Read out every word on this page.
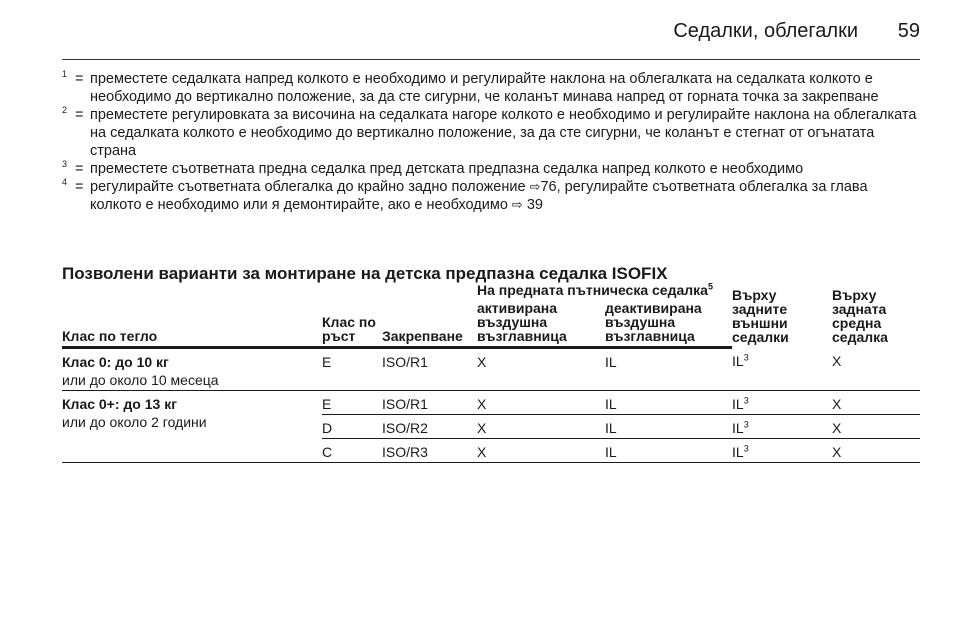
Седалки, облегалки 59
1 = преместете седалката напред колкото е необходимо и регулирайте наклона на облегалката на седалката колкото е необходимо до вертикално положение, за да сте сигурни, че коланът минава напред от горната точка за закрепване
2 = преместете регулировката за височина на седалката нагоре колкото е необходимо и регулирайте наклона на облегалката на седалката колкото е необходимо до вертикално положение, за да сте сигурни, че коланът е стегнат от огънатата страна
3 = преместете съответната предна седалка пред детската предпазна седалка напред колкото е необходимо
4 = регулирайте съответната облегалка до крайно задно положение ⇨76, регулирайте съответната облегалка за глава колкото е необходимо или я демонтирайте, ако е необходимо ⇨ 39
Позволени варианти за монтиране на детска предпазна седалка ISOFIX
			На предната пътническа седалка$^5$		Върху задните външни седалки	Върху задната средна седалка
Клас по тегло	Клас по ръст	Закрепване	активирана въздушна възглавница	деактивирана въздушна възглавница		

Клас 0: до 10 кг
или до около 10 месеца	E	ISO/R1	X	IL	$IL^3$	X

Клас 0+: до 13 кг
или до около 2 години	E	ISO/R1	X	IL	$IL^3$	X
	D	ISO/R2	X	IL	$IL^3$	X
	C	ISO/R3	X	IL	$IL^3$	X
